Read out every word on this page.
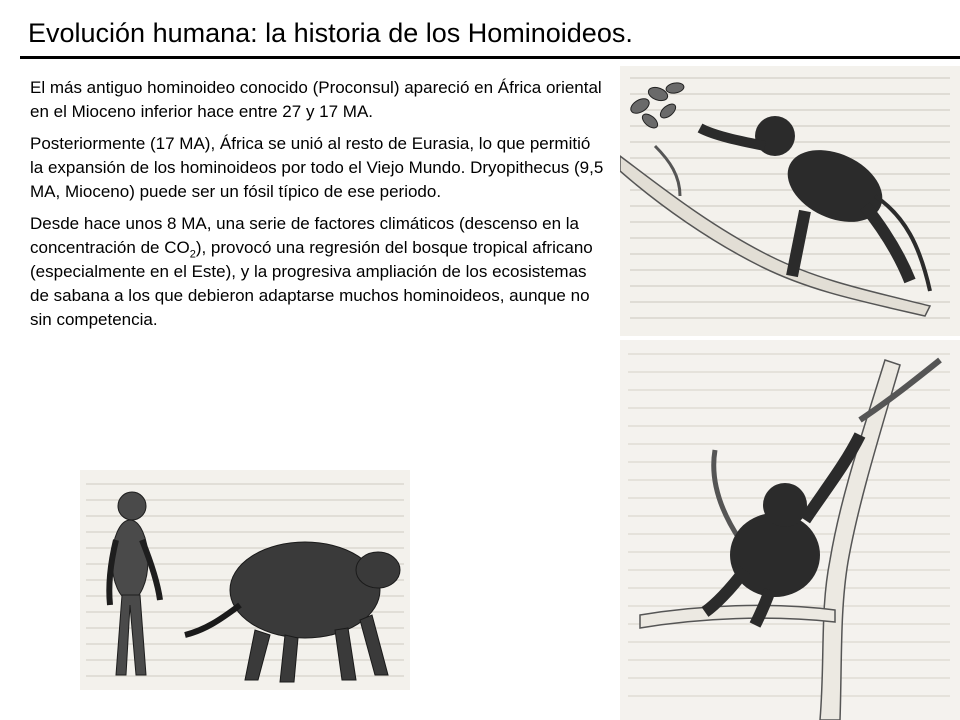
Evolución humana: la historia de los Hominoideos.

El más antiguo hominoideo conocido (Proconsul) apareció en África oriental en el Mioceno inferior hace entre 27 y 17 MA.

Posteriormente (17 MA), África se unió al resto de Eurasia, lo que permitió la expansión de los hominoideos por todo el Viejo Mundo. Dryopithecus (9,5 MA, Mioceno) puede ser un fósil típico de ese periodo.

Desde hace unos 8 MA, una serie de factores climáticos (descenso en la concentración de $CO_2$), provocó una regresión del bosque tropical africano (especialmente en el Este), y la progresiva ampliación de los ecosistemas de sabana a los que debieron adaptarse muchos hominoideos, aunque no sin competencia.
